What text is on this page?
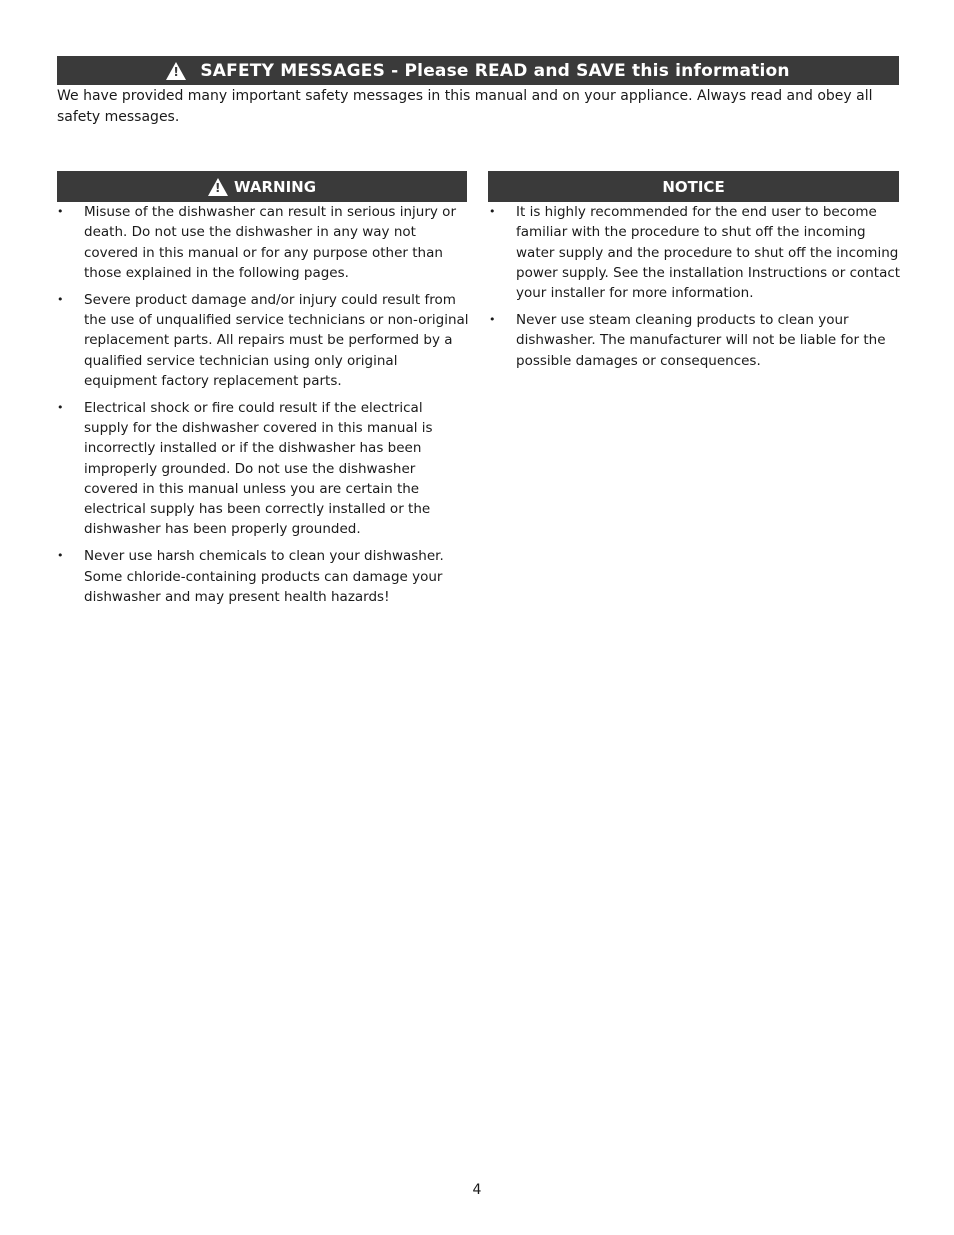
!
SAFETY MESSAGES - Please READ and SAVE this information
We have provided many important safety messages in this manual and on your appliance. Always read and obey all safety messages.
!
WARNING	NOTICE
• Misuse of the dishwasher can result in serious injury or death. Do not use the dishwasher in any way not covered in this manual or for any purpose other than those explained in the following pages.
• Severe product damage and/or injury could result from the use of unqualified service technicians or non-original replacement parts. All repairs must be performed by a qualified service technician using only original equipment factory replacement parts.
• Electrical shock or fire could result if the electrical supply for the dishwasher covered in this manual is incorrectly installed or if the dishwasher has been improperly grounded. Do not use the dishwasher covered in this manual unless you are certain the electrical supply has been correctly installed or the dishwasher has been properly grounded.
• Never use harsh chemicals to clean your dishwasher. Some chloride-containing products can damage your dishwasher and may present health hazards!
• It is highly recommended for the end user to become familiar with the procedure to shut off the incoming water supply and the procedure to shut off the incoming power supply. See the installation Instructions or contact your installer for more information.
• Never use steam cleaning products to clean your dishwasher. The manufacturer will not be liable for the possible damages or consequences.
4
